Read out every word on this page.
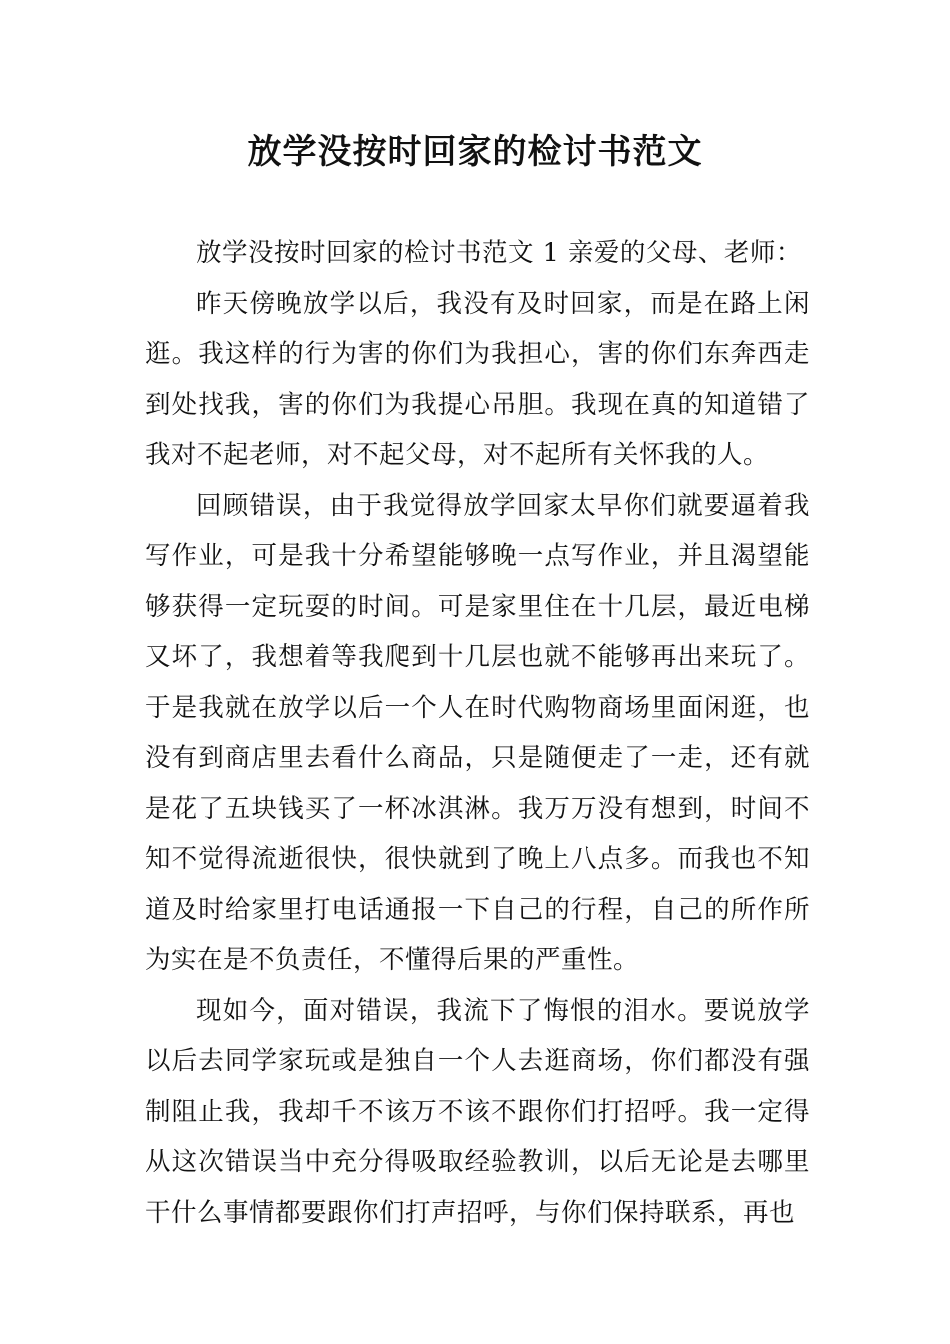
放学没按时回家的检讨书范文

放学没按时回家的检讨书范文 1 亲爱的父母、老师：

昨天傍晚放学以后，我没有及时回家，而是在路上闲逛。我这样的行为害的你们为我担心，害的你们东奔西走到处找我，害的你们为我提心吊胆。我现在真的知道错了我对不起老师，对不起父母，对不起所有关怀我的人。

回顾错误，由于我觉得放学回家太早你们就要逼着我写作业，可是我十分希望能够晚一点写作业，并且渴望能够获得一定玩耍的时间。可是家里住在十几层，最近电梯又坏了，我想着等我爬到十几层也就不能够再出来玩了。于是我就在放学以后一个人在时代购物商场里面闲逛，也没有到商店里去看什么商品，只是随便走了一走，还有就是花了五块钱买了一杯冰淇淋。我万万没有想到，时间不知不觉得流逝很快，很快就到了晚上八点多。而我也不知道及时给家里打电话通报一下自己的行程，自己的所作所为实在是不负责任，不懂得后果的严重性。

现如今，面对错误，我流下了悔恨的泪水。要说放学以后去同学家玩或是独自一个人去逛商场，你们都没有强制阻止我，我却千不该万不该不跟你们打招呼。我一定得从这次错误当中充分得吸取经验教训，以后无论是去哪里干什么事情都要跟你们打声招呼，与你们保持联系，再也
